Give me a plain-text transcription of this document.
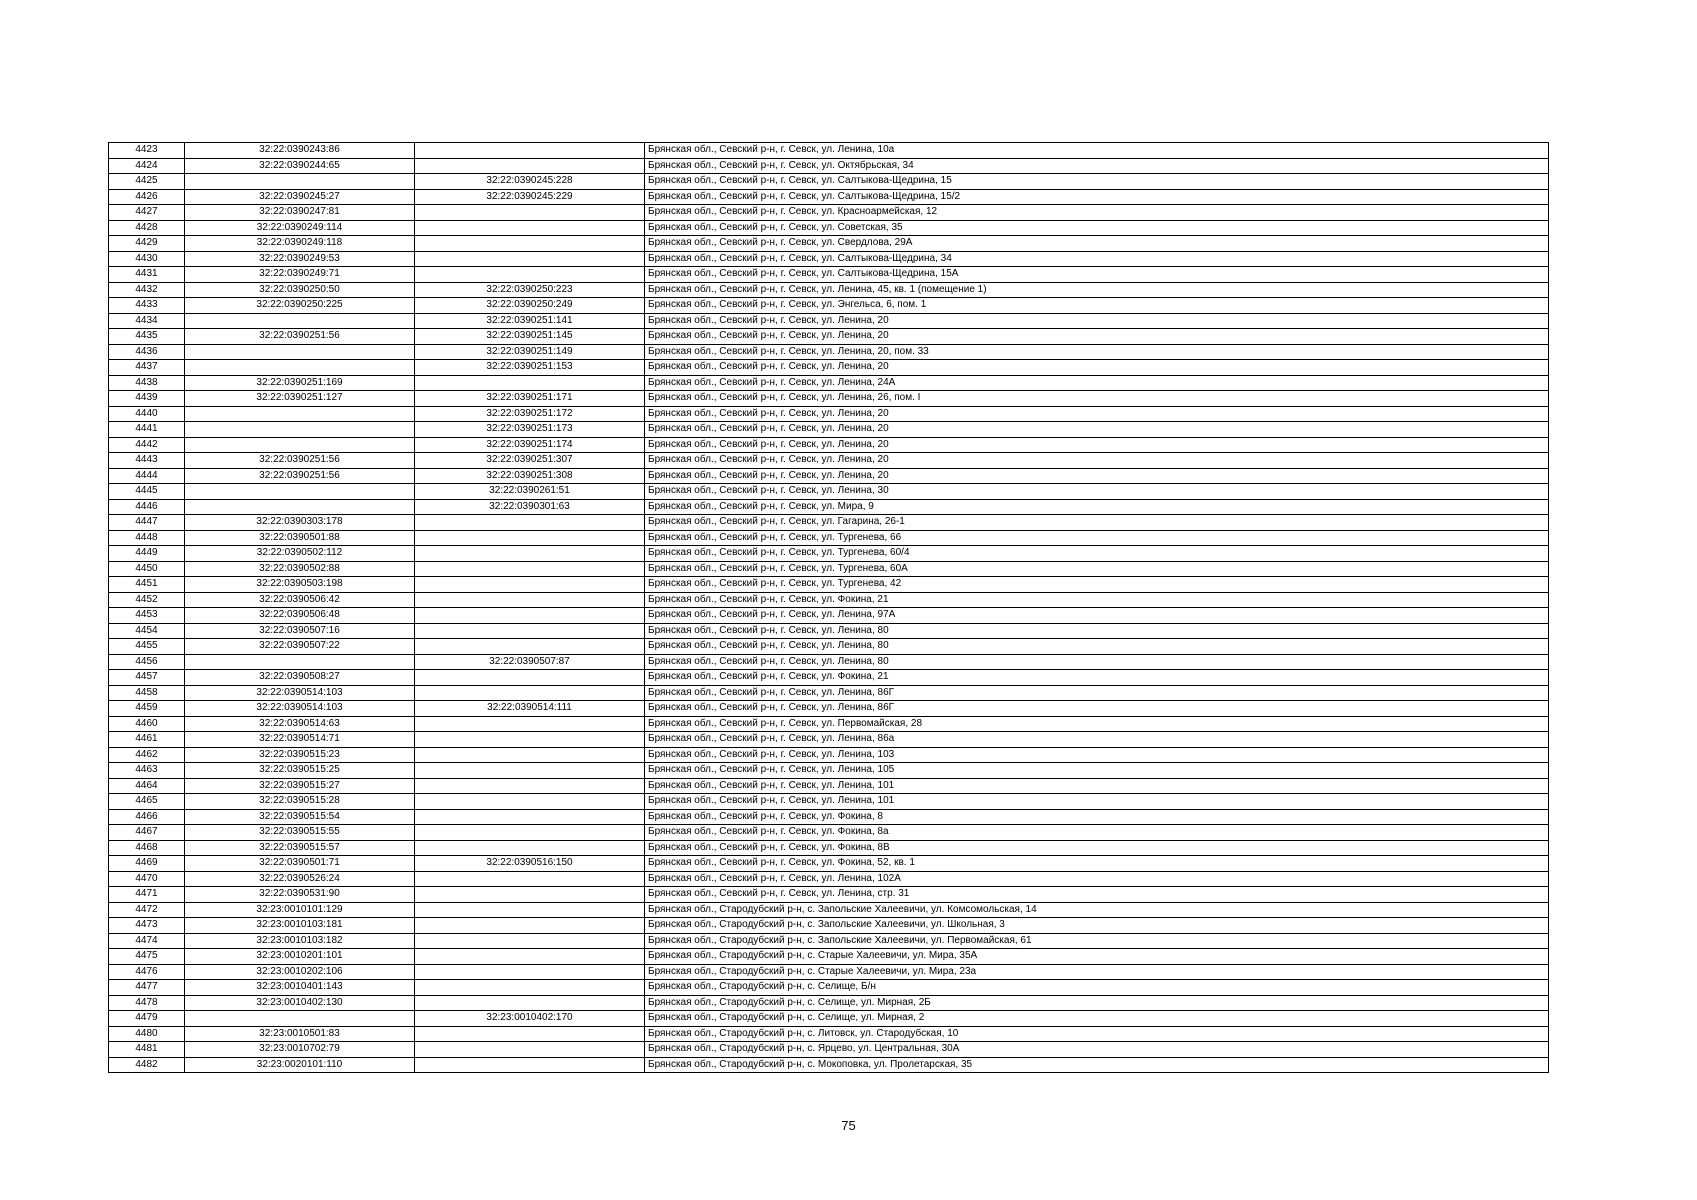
4423	32:22:0390243:86		Брянская обл., Севский р-н, г. Севск, ул. Ленина, 10а
4424	32:22:0390244:65		Брянская обл., Севский р-н, г. Севск, ул. Октябрьская, 34
4425		32:22:0390245:228	Брянская обл., Севский р-н, г. Севск, ул. Салтыкова-Щедрина, 15
4426	32:22:0390245:27	32:22:0390245:229	Брянская обл., Севский р-н, г. Севск, ул. Салтыкова-Щедрина, 15/2
4427	32:22:0390247:81		Брянская обл., Севский р-н, г. Севск, ул. Красноармейская, 12
4428	32:22:0390249:114		Брянская обл., Севский р-н, г. Севск, ул. Советская, 35
4429	32:22:0390249:118		Брянская обл., Севский р-н, г. Севск, ул. Свердлова, 29А
4430	32:22:0390249:53		Брянская обл., Севский р-н, г. Севск, ул. Салтыкова-Щедрина, 34
4431	32:22:0390249:71		Брянская обл., Севский р-н, г. Севск, ул. Салтыкова-Щедрина, 15А
4432	32:22:0390250:50	32:22:0390250:223	Брянская обл., Севский р-н, г. Севск, ул. Ленина, 45, кв. 1 (помещение 1)
4433	32:22:0390250:225	32:22:0390250:249	Брянская обл., Севский р-н, г. Севск, ул. Энгельса, 6, пом. 1
4434		32:22:0390251:141	Брянская обл., Севский р-н, г. Севск, ул. Ленина, 20
4435	32:22:0390251:56	32:22:0390251:145	Брянская обл., Севский р-н, г. Севск, ул. Ленина, 20
4436		32:22:0390251:149	Брянская обл., Севский р-н, г. Севск, ул. Ленина, 20, пом. 33
4437		32:22:0390251:153	Брянская обл., Севский р-н, г. Севск, ул. Ленина, 20
4438	32:22:0390251:169		Брянская обл., Севский р-н, г. Севск, ул. Ленина, 24А
4439	32:22:0390251:127	32:22:0390251:171	Брянская обл., Севский р-н, г. Севск, ул. Ленина, 26, пом. I
4440		32:22:0390251:172	Брянская обл., Севский р-н, г. Севск, ул. Ленина, 20
4441		32:22:0390251:173	Брянская обл., Севский р-н, г. Севск, ул. Ленина, 20
4442		32:22:0390251:174	Брянская обл., Севский р-н, г. Севск, ул. Ленина, 20
4443	32:22:0390251:56	32:22:0390251:307	Брянская обл., Севский р-н, г. Севск, ул. Ленина, 20
4444	32:22:0390251:56	32:22:0390251:308	Брянская обл., Севский р-н, г. Севск, ул. Ленина, 20
4445		32:22:0390261:51	Брянская обл., Севский р-н, г. Севск, ул. Ленина, 30
4446		32:22:0390301:63	Брянская обл., Севский р-н, г. Севск, ул. Мира, 9
4447	32:22:0390303:178		Брянская обл., Севский р-н, г. Севск, ул. Гагарина, 26-1
4448	32:22:0390501:88		Брянская обл., Севский р-н, г. Севск, ул. Тургенева, 66
4449	32:22:0390502:112		Брянская обл., Севский р-н, г. Севск, ул. Тургенева, 60/4
4450	32:22:0390502:88		Брянская обл., Севский р-н, г. Севск, ул. Тургенева, 60А
4451	32:22:0390503:198		Брянская обл., Севский р-н, г. Севск, ул. Тургенева, 42
4452	32:22:0390506:42		Брянская обл., Севский р-н, г. Севск, ул. Фокина, 21
4453	32:22:0390506:48		Брянская обл., Севский р-н, г. Севск, ул. Ленина, 97А
4454	32:22:0390507:16		Брянская обл., Севский р-н, г. Севск, ул. Ленина, 80
4455	32:22:0390507:22		Брянская обл., Севский р-н, г. Севск, ул. Ленина, 80
4456		32:22:0390507:87	Брянская обл., Севский р-н, г. Севск, ул. Ленина, 80
4457	32:22:0390508:27		Брянская обл., Севский р-н, г. Севск, ул. Фокина, 21
4458	32:22:0390514:103		Брянская обл., Севский р-н, г. Севск, ул. Ленина, 86Г
4459	32:22:0390514:103	32:22:0390514:111	Брянская обл., Севский р-н, г. Севск, ул. Ленина, 86Г
4460	32:22:0390514:63		Брянская обл., Севский р-н, г. Севск, ул. Первомайская, 28
4461	32:22:0390514:71		Брянская обл., Севский р-н, г. Севск, ул. Ленина, 86а
4462	32:22:0390515:23		Брянская обл., Севский р-н, г. Севск, ул. Ленина, 103
4463	32:22:0390515:25		Брянская обл., Севский р-н, г. Севск, ул. Ленина, 105
4464	32:22:0390515:27		Брянская обл., Севский р-н, г. Севск, ул. Ленина, 101
4465	32:22:0390515:28		Брянская обл., Севский р-н, г. Севск, ул. Ленина, 101
4466	32:22:0390515:54		Брянская обл., Севский р-н, г. Севск, ул. Фокина, 8
4467	32:22:0390515:55		Брянская обл., Севский р-н, г. Севск, ул. Фокина, 8а
4468	32:22:0390515:57		Брянская обл., Севский р-н, г. Севск, ул. Фокина, 8В
4469	32:22:0390501:71	32:22:0390516:150	Брянская обл., Севский р-н, г. Севск, ул. Фокина, 52, кв. 1
4470	32:22:0390526:24		Брянская обл., Севский р-н, г. Севск, ул. Ленина, 102А
4471	32:22:0390531:90		Брянская обл., Севский р-н, г. Севск, ул. Ленина, стр. 31
4472	32:23:0010101:129		Брянская обл., Стародубский р-н, с. Запольские Халеевичи, ул. Комсомольская, 14
4473	32:23:0010103:181		Брянская обл., Стародубский р-н, с. Запольские Халеевичи, ул. Школьная, 3
4474	32:23:0010103:182		Брянская обл., Стародубский р-н, с. Запольские Халеевичи, ул. Первомайская, 61
4475	32:23:0010201:101		Брянская обл., Стародубский р-н, с. Старые Халеевичи, ул. Мира, 35А
4476	32:23:0010202:106		Брянская обл., Стародубский р-н, с. Старые Халеевичи, ул. Мира, 23а
4477	32:23:0010401:143		Брянская обл., Стародубский р-н, с. Селище, Б/н
4478	32:23:0010402:130		Брянская обл., Стародубский р-н, с. Селище, ул. Мирная, 2Б
4479		32:23:0010402:170	Брянская обл., Стародубский р-н, с. Селище, ул. Мирная, 2
4480	32:23:0010501:83		Брянская обл., Стародубский р-н, с. Литовск, ул. Стародубская, 10
4481	32:23:0010702:79		Брянская обл., Стародубский р-н, с. Ярцево, ул. Центральная, 30А
4482	32:23:0020101:110		Брянская обл., Стародубский р-н, с. Мокоповка, ул. Пролетарская, 35
75
